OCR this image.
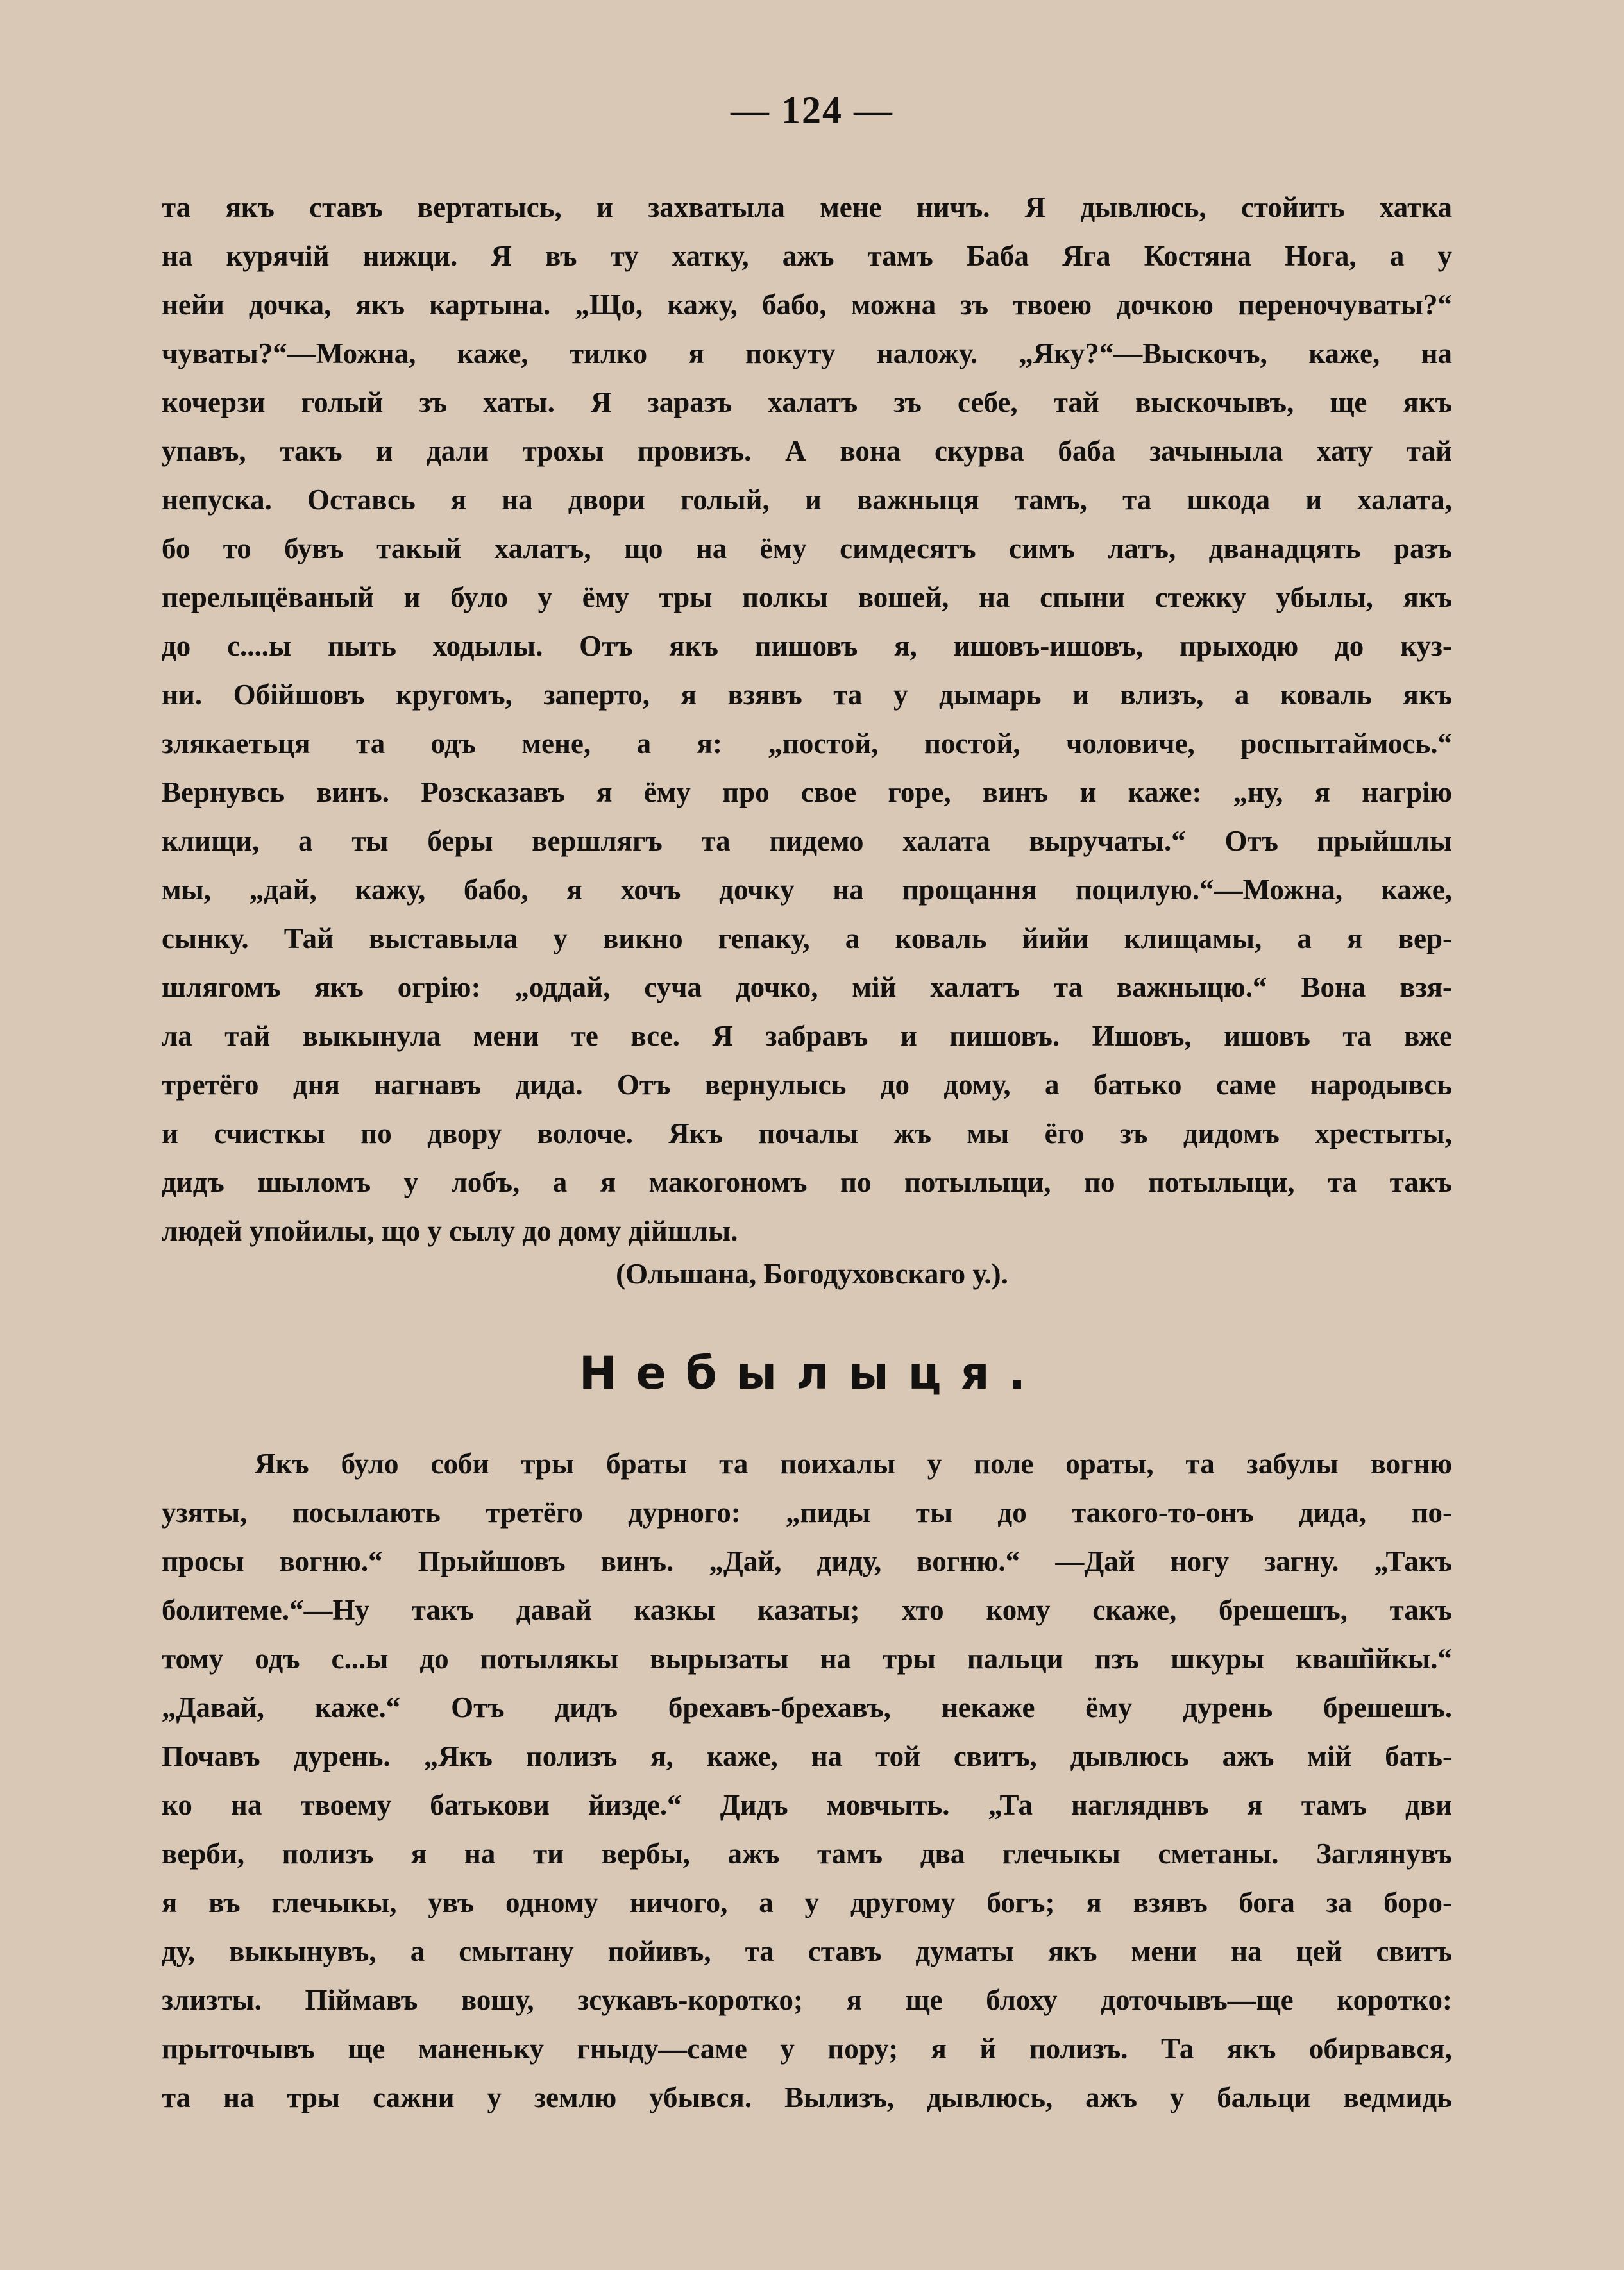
— 124 —
та якъ ставъ вертатысь, и захватыла мене ничъ. Я дывлюсь, стойить хатка
на курячій нижци. Я въ ту хатку, ажъ тамъ Баба Яга Костяна Нога, а у
нейи дочка, якъ картына. „Що, кажу, бабо, можна зъ твоею дочкою переночуваты?“
чуваты?“—Можна, каже, тилко я покуту наложу. „Яку?“—Выскочъ, каже, на
кочерзи голый зъ хаты. Я заразъ халатъ зъ себе, тай выскочывъ, ще якъ
упавъ, такъ и дали трохы провизъ. А вона скурва баба зачыныла хату тай
непуска. Оставсь я на двори голый, и важныця тамъ, та шкода и халата,
бо то бувъ такый халатъ, що на ёму симдесятъ симъ латъ, дванадцять разъ
перелыцёваный и було у ёму тры полкы вошей, на спыни стежку убылы, якъ
до с....ы пыть ходылы. Отъ якъ пишовъ я, ишовъ-ишовъ, прыходю до куз-
ни. Обійшовъ кругомъ, заперто, я взявъ та у дымарь и влизъ, а коваль якъ
злякаетьця та одъ мене, а я: „постой, постой, чоловиче, роспытаймось.“
Вернувсь винъ. Розсказавъ я ёму про свое горе, винъ и каже: „ну, я нагрію
клищи, а ты беры вершлягъ та пидемо халата выручаты.“ Отъ прыйшлы
мы, „дай, кажу, бабо, я хочъ дочку на прощання поцилую.“—Можна, каже,
сынку. Тай выставыла у викно гепаку, а коваль йийи клищамы, а я вер-
шлягомъ якъ огрію: „оддай, суча дочко, мій халатъ та важныцю.“ Вона взя-
ла тай выкынула мени те все. Я забравъ и пишовъ. Ишовъ, ишовъ та вже
третёго дня нагнавъ дида. Отъ вернулысь до дому, а батько саме народывсь
и счисткы по двору волоче. Якъ почалы жъ мы ёго зъ дидомъ хрестыты,
дидъ шыломъ у лобъ, а я макогономъ по потылыци, по потылыци, та такъ
людей упойилы, що у сылу до дому дійшлы.
(Ольшана, Богодуховскаго у.).
Небылыця.
Якъ було соби тры браты та поихалы у поле ораты, та забулы вогню
узяты, посылають третёго дурного: „пиды ты до такого-то-онъ дида, по-
просы вогню.“ Прыйшовъ винъ. „Дай, диду, вогню.“ —Дай ногу загну. „Такъ
болитеме.“—Ну такъ давай казкы казаты; хто кому скаже, брешешъ, такъ
тому одъ с...ы до потылякы вырызаты на тры пальци пзъ шкуры кваш̆ійкы.“
„Давай, каже.“ Отъ дидъ брехавъ-брехавъ, некаже ёму дурень брешешъ.
Почавъ дурень. „Якъ полизъ я, каже, на той свитъ, дывлюсь ажъ мій бать-
ко на твоему батькови йизде.“ Дидъ мовчыть. „Та нагляднвъ я тамъ дви
верби, полизъ я на ти вербы, ажъ тамъ два глечыкы сметаны. Заглянувъ
я въ глечыкы, увъ одному ничого, а у другому богъ; я взявъ бога за боро-
ду, выкынувъ, а смытану пойивъ, та ставъ думаты якъ мени на цей свитъ
злизты. Піймавъ вошу, зсукавъ-коротко; я ще блоху доточывъ—ще коротко:
прыточывъ ще маненьку гныду—саме у пору; я й полизъ. Та якъ обирвався,
та на тры сажни у землю убывся. Вылизъ, дывлюсь, ажъ у бальци ведмидь
